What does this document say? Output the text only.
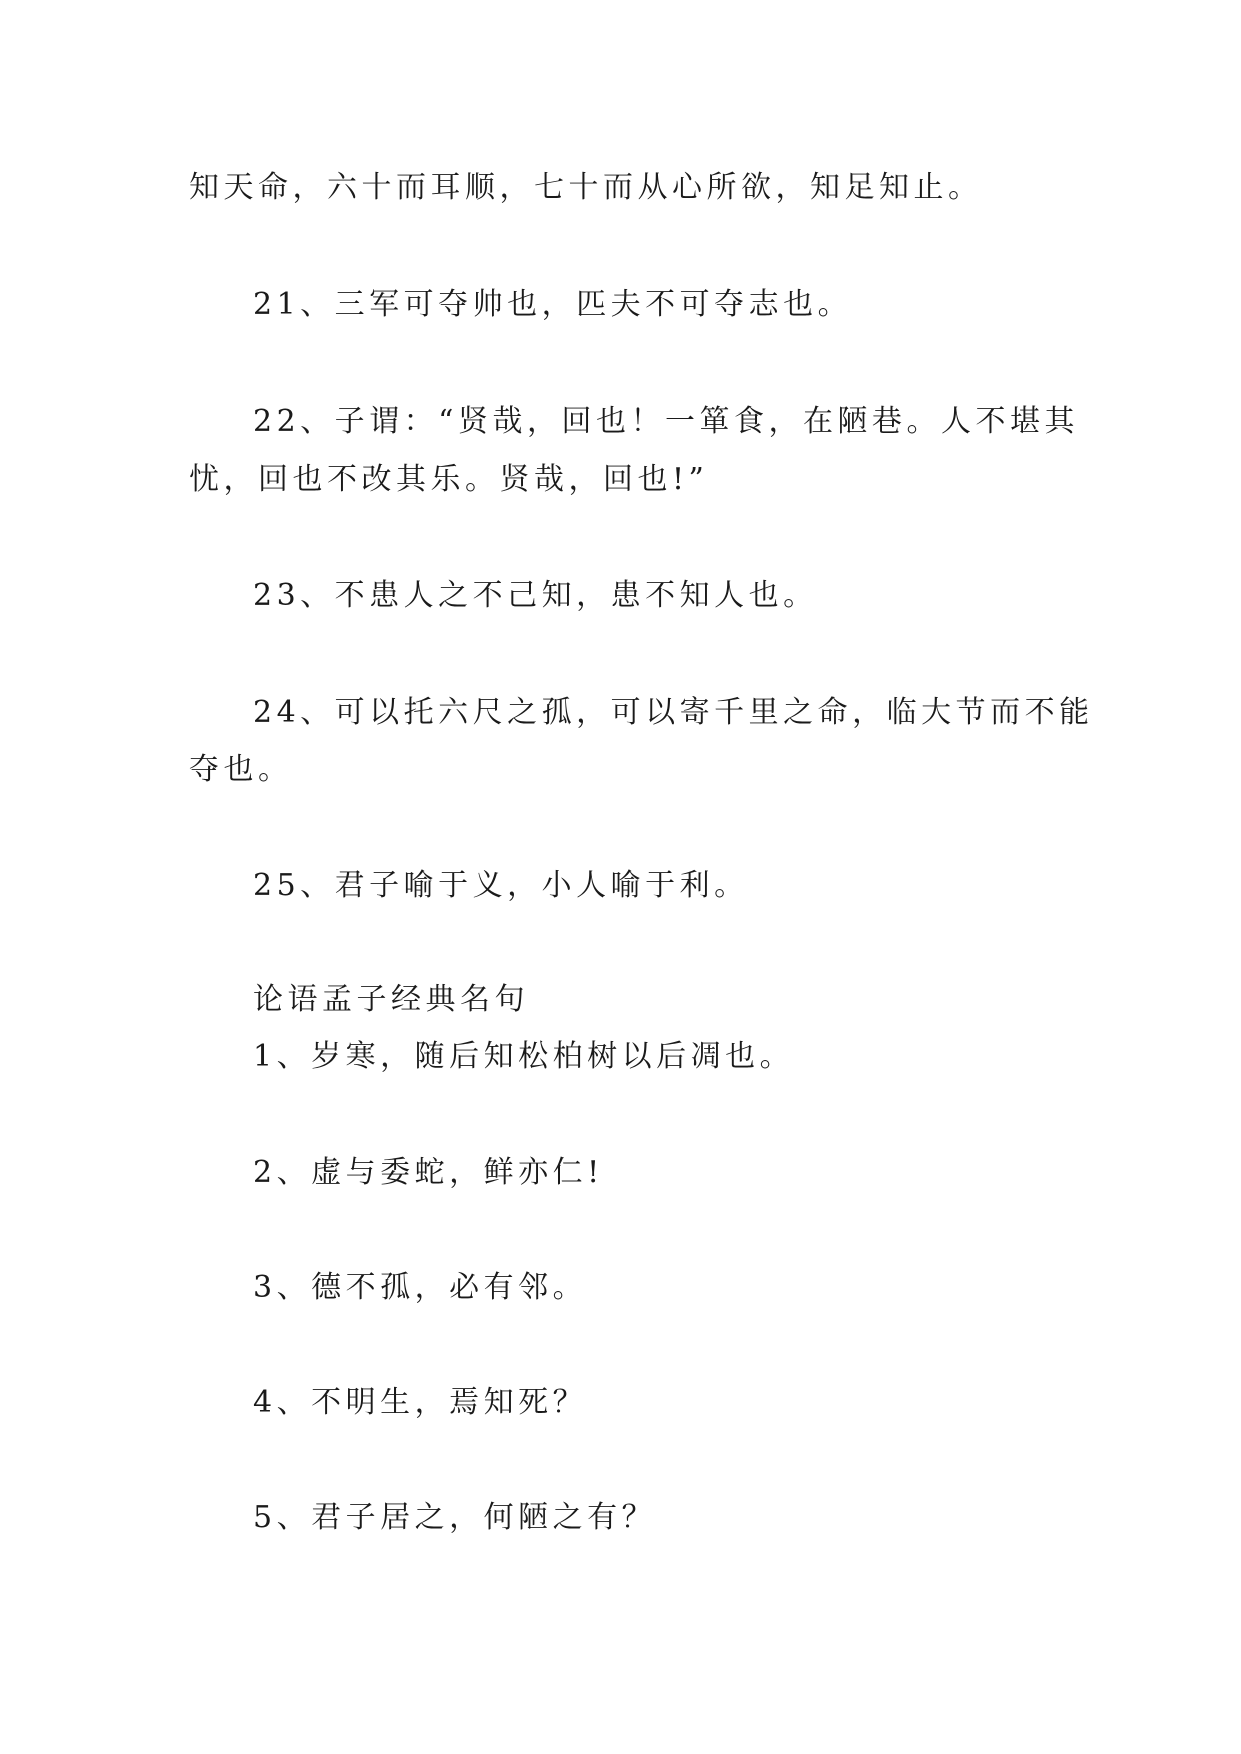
知天命，六十而耳顺，七十而从心所欲，知足知止。

21、三军可夺帅也，匹夫不可夺志也。

22、子谓：“贤哉，回也！一箪食，在陋巷。人不堪其

忧，回也不改其乐。贤哉，回也!”

23、不患人之不己知，患不知人也。

24、可以托六尺之孤，可以寄千里之命，临大节而不能

夺也。

25、君子喻于义，小人喻于利。

论语孟子经典名句

1、岁寒，随后知松柏树以后凋也。

2、虚与委蛇，鲜亦仁!

3、德不孤，必有邻。

4、不明生，焉知死？

5、君子居之，何陋之有？
